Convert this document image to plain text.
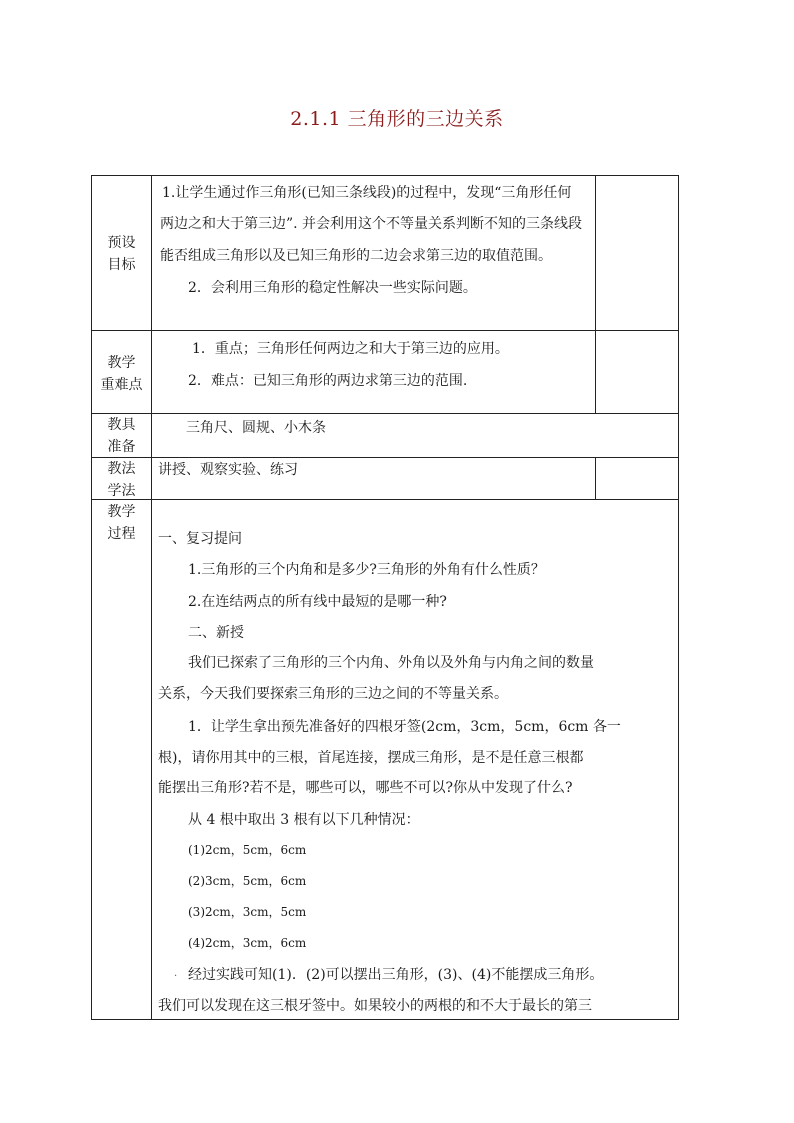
2.1.1 三角形的三边关系
预设
目标
1.让学生通过作三角形(已知三条线段)的过程中，发现“三角形任何
两边之和大于第三边”. 并会利用这个不等量关系判断不知的三条线段
能否组成三角形以及已知三角形的二边会求第三边的取值范围。
2．会利用三角形的稳定性解决一些实际问题。
教学
重难点
1．重点；三角形任何两边之和大于第三边的应用。
2．难点：已知三角形的两边求第三边的范围.
教具
准备
三角尺、圆规、小木条
教法
学法
讲授、观察实验、练习
教学
过程	一、复习提问
1.三角形的三个内角和是多少?三角形的外角有什么性质？
2.在连结两点的所有线中最短的是哪一种?
二、新授
我们已探索了三角形的三个内角、外角以及外角与内角之间的数量
关系，今天我们要探索三角形的三边之间的不等量关系。
1．让学生拿出预先准备好的四根牙签(2cm，3cm，5cm，6cm 各一
根)，请你用其中的三根，首尾连接，摆成三角形，是不是任意三根都
能摆出三角形?若不是，哪些可以，哪些不可以?你从中发现了什么?
从 4 根中取出 3 根有以下几种情况：
(1)2cm，5cm，6cm
(2)3cm，5cm，6cm
(3)2cm，3cm，5cm
(4)2cm，3cm，6cm
. 经过实践可知(1)．(2)可以摆出三角形，(3)、(4)不能摆成三角形。
我们可以发现在这三根牙签中。如果较小的两根的和不大于最长的第三
